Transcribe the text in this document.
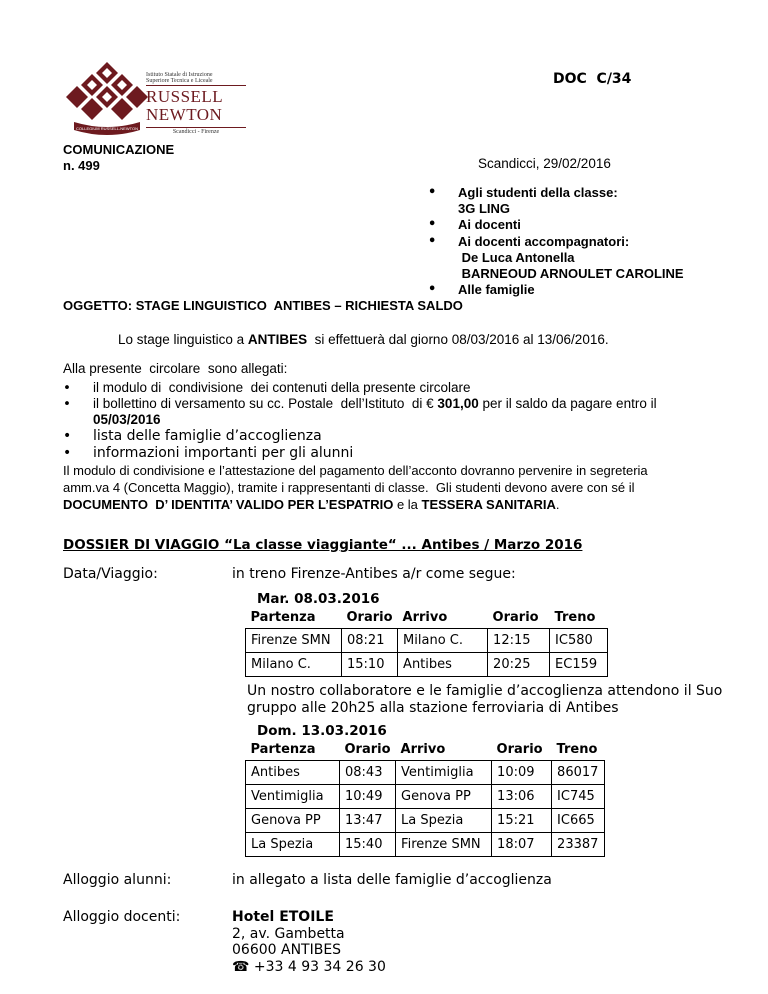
COLLEGIUM RUSSELL-NEWTON
Istituto Statale di Istruzione
Superiore Tecnica e Liceale
RUSSELL
NEWTON
Scandicci - Firenze
DOC  C/34
COMUNICAZIONE
n. 499	Scandicci, 29/02/2016
• Agli studenti della classe:
3G LING
• Ai docenti
• Ai docenti accompagnatori:
De Luca Antonella
BARNEOUD ARNOULET CAROLINE
• Alle famiglie
OGGETTO: STAGE LINGUISTICO  ANTIBES – RICHIESTA SALDO
Lo stage linguistico a ANTIBES  si effettuerà dal giorno 08/03/2016 al 13/06/2016.
Alla presente  circolare  sono allegati:
• il modulo di  condivisione  dei contenuti della presente circolare
• il bollettino di versamento su cc. Postale  dell’Istituto  di € 301,00 per il saldo da pagare entro il
05/03/2016
• lista delle famiglie d’accoglienza
• informazioni importanti per gli alunni
Il modulo di condivisione e l’attestazione del pagamento dell’acconto dovranno pervenire in segreteria
amm.va 4 (Concetta Maggio), tramite i rappresentanti di classe.  Gli studenti devono avere con sé il
DOCUMENTO  D’ IDENTITA’ VALIDO PER L’ESPATRIO e la TESSERA SANITARIA.
DOSSIER DI VIAGGIO “La classe viaggiante“ ... Antibes / Marzo 2016
Data/Viaggio:	in treno Firenze-Antibes a/r come segue:
Mar. 08.03.2016
Partenza	Orario	Arrivo	Orario	Treno
Firenze SMN	08:21	Milano C.	12:15	IC580
Milano C.	15:10	Antibes	20:25	EC159
Un nostro collaboratore e le famiglie d’accoglienza attendono il Suo
gruppo alle 20h25 alla stazione ferroviaria di Antibes
Dom. 13.03.2016
Partenza	Orario	Arrivo	Orario	Treno
Antibes	08:43	Ventimiglia	10:09	86017
Ventimiglia	10:49	Genova PP	13:06	IC745
Genova PP	13:47	La Spezia	15:21	IC665
La Spezia	15:40	Firenze SMN	18:07	23387
Alloggio alunni:	in allegato a lista delle famiglie d’accoglienza
Alloggio docenti:	Hotel ETOILE
2, av. Gambetta
06600 ANTIBES
☎ +33 4 93 34 26 30
